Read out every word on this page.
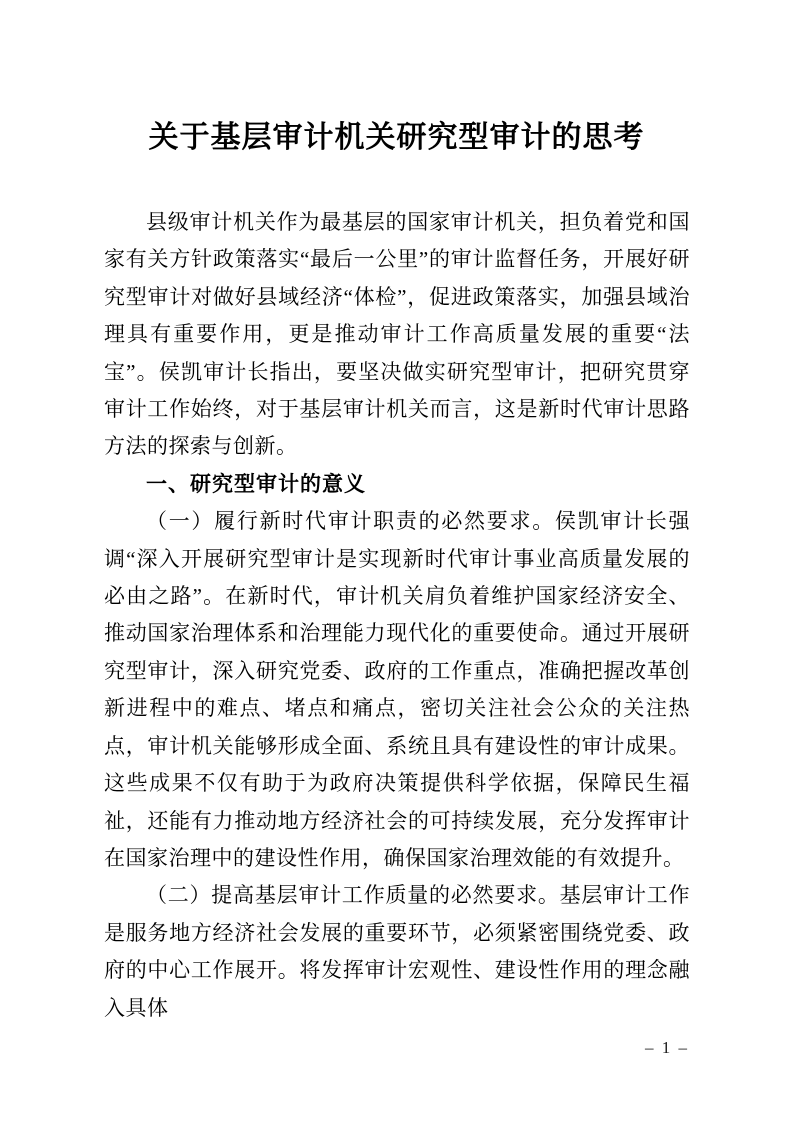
关于基层审计机关研究型审计的思考

县级审计机关作为最基层的国家审计机关，担负着党和国家有关方针政策落实“最后一公里”的审计监督任务，开展好研究型审计对做好县域经济“体检”，促进政策落实，加强县域治理具有重要作用，更是推动审计工作高质量发展的重要“法宝”。侯凯审计长指出，要坚决做实研究型审计，把研究贯穿审计工作始终，对于基层审计机关而言，这是新时代审计思路方法的探索与创新。

一、研究型审计的意义

（一）履行新时代审计职责的必然要求。侯凯审计长强调“深入开展研究型审计是实现新时代审计事业高质量发展的必由之路”。在新时代，审计机关肩负着维护国家经济安全、推动国家治理体系和治理能力现代化的重要使命。通过开展研究型审计，深入研究党委、政府的工作重点，准确把握改革创新进程中的难点、堵点和痛点，密切关注社会公众的关注热点，审计机关能够形成全面、系统且具有建设性的审计成果。这些成果不仅有助于为政府决策提供科学依据，保障民生福祉，还能有力推动地方经济社会的可持续发展，充分发挥审计在国家治理中的建设性作用，确保国家治理效能的有效提升。

（二）提高基层审计工作质量的必然要求。基层审计工作是服务地方经济社会发展的重要环节，必须紧密围绕党委、政府的中心工作展开。将发挥审计宏观性、建设性作用的理念融入具体

– 1 –
